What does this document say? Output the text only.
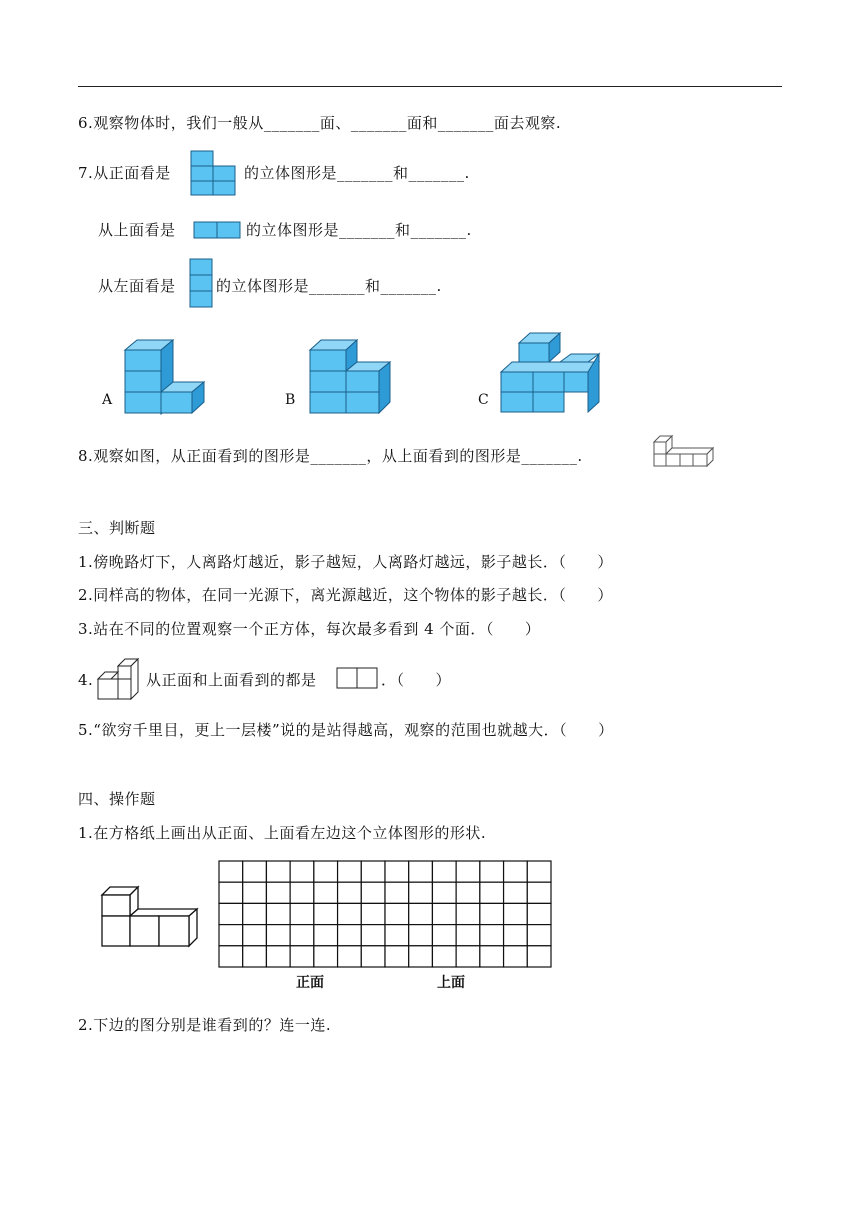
6.观察物体时，我们一般从_______面、_______面和_______面去观察.
7.从正面看是	的立体图形是_______和_______.
从上面看是	的立体图形是_______和_______.
从左面看是	的立体图形是_______和_______.
A	B	C
8.观察如图，从正面看到的图形是_______，从上面看到的图形是_______.
三、判断题
1.傍晚路灯下，人离路灯越近，影子越短，人离路灯越远，影子越长．（　　）
2.同样高的物体，在同一光源下，离光源越近，这个物体的影子越长．（　　）
3.站在不同的位置观察一个正方体，每次最多看到 4 个面．（　　）
4.	从正面和上面看到的都是	．（　　）
5.“欲穷千里目，更上一层楼”说的是站得越高，观察的范围也就越大．（　　）
四、操作题
1.在方格纸上画出从正面、上面看左边这个立体图形的形状.
正面	上面
2.下边的图分别是谁看到的？连一连.
